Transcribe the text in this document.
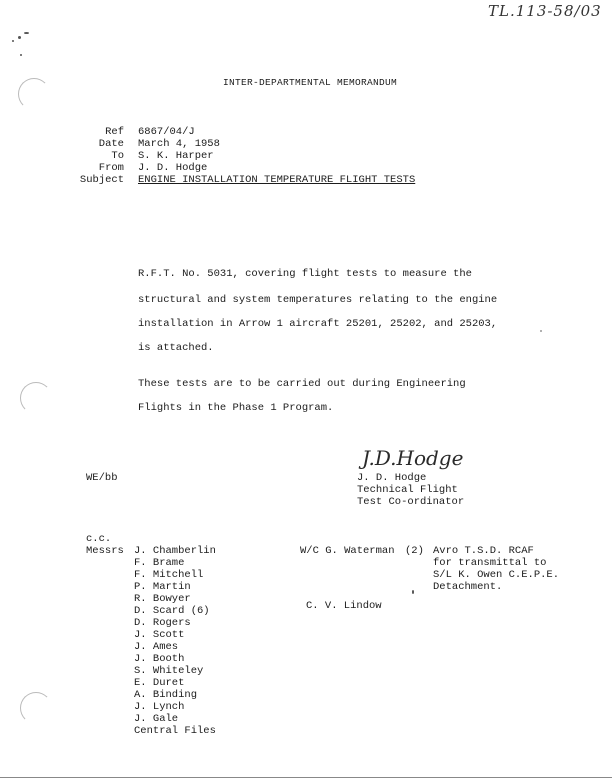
TL.113-58/03
INTER-DEPARTMENTAL MEMORANDUM
Ref 6867/04/J
Date March 4, 1958
To S. K. Harper
From J. D. Hodge
Subject ENGINE INSTALLATION TEMPERATURE FLIGHT TESTS
R.F.T. No. 5031, covering flight tests to measure the
structural and system temperatures relating to the engine
installation in Arrow 1 aircraft 25201, 25202, and 25203,
is attached.
These tests are to be carried out during Engineering
Flights in the Phase 1 Program.
WE/bb
J.D.Hodge
J. D. Hodge
Technical Flight
Test Co-ordinator
c.c.
Messrs J. Chamberlin
F. Brame
F. Mitchell
P. Martin
R. Bowyer
D. Scard (6)
D. Rogers
J. Scott
J. Ames
J. Booth
S. Whiteley
E. Duret
A. Binding
J. Lynch
J. Gale
Central Files
W/C G. Waterman
C. V. Lindow
(2) Avro T.S.D. RCAF
for transmittal to
S/L K. Owen C.E.P.E.
Detachment.
